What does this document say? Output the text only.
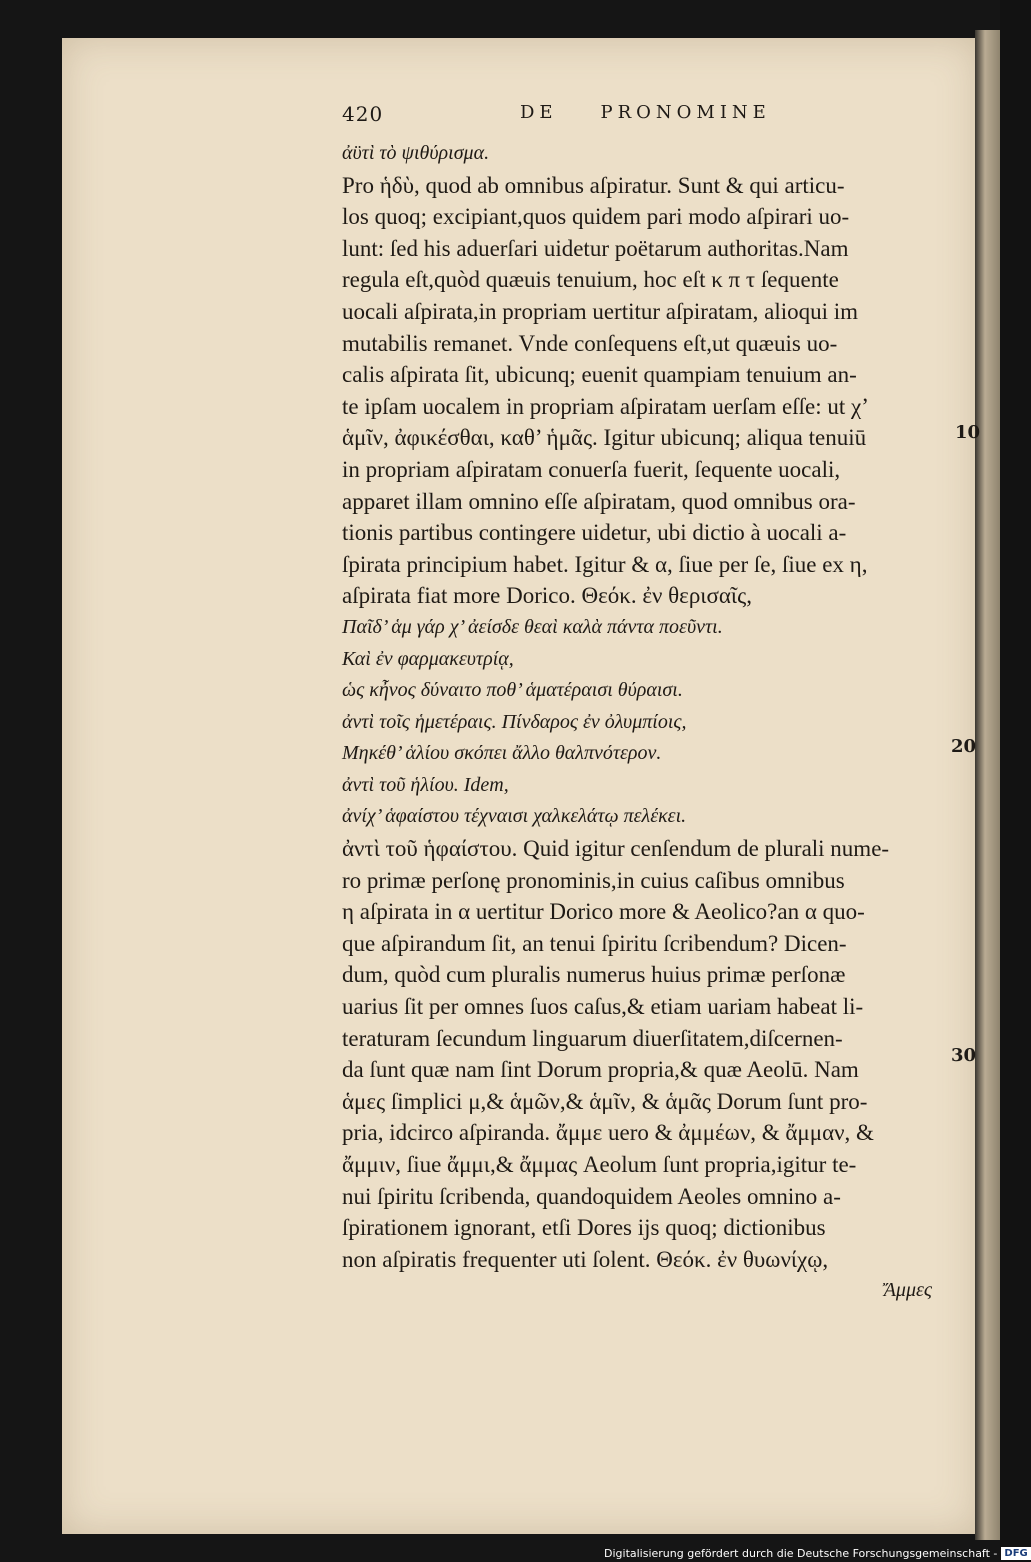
420	DE    PRONOMINE
ἀϋτὶ τὸ ψιθύρισμα.
Pro ἡδὺ, quod ab omnibus aſpiratur. Sunt & qui articu-
los quoq; excipiant,quos quidem pari modo aſpirari uo-
lunt: ſed his aduerſari uidetur poëtarum authoritas.Nam
regula eſt,quòd quæuis tenuium, hoc eſt κ π τ ſequente
uocali aſpirata,in propriam uertitur aſpiratam, alioqui im
mutabilis remanet. Vnde conſequens eſt,ut quæuis uo-
calis aſpirata ſit, ubicunq; euenit quampiam tenuium an-
te ipſam uocalem in propriam aſpiratam uerſam eſſe: ut χ’
ἁμῖν, ἀφικέσθαι, καθ’ ἡμᾶς. Igitur ubicunq; aliqua tenuiū
in propriam aſpiratam conuerſa fuerit, ſequente uocali,
apparet illam omnino eſſe aſpiratam, quod omnibus ora-
tionis partibus contingere uidetur, ubi dictio à uocali a-
ſpirata principium habet. Igitur & α, ſiue per ſe, ſiue ex η,
aſpirata fiat more Dorico. Θεόκ. ἐν θερισαῖς,
Παῖδ’ ἁμ γάρ χ’ ἀείσδε θεαὶ καλὰ πάντα ποεῦντι.
Καὶ ἐν φαρμακευτρίᾳ,
ὡς κἦνος δύναιτο ποθ’ ἁματέραισι θύραισι.
ἀντὶ τοῖς ἡμετέραις. Πίνδαρος ἐν ὀλυμπίοις,
Μηκέθ’ ἁλίου σκόπει ἄλλο θαλπνότερον.
ἀντὶ τοῦ ἡλίου. Idem,
ἀνίχ’ ἁφαίστου τέχναισι χαλκελάτῳ πελέκει.
ἀντὶ τοῦ ἡφαίστου. Quid igitur cenſendum de plurali nume-
ro primæ perſonę pronominis,in cuius caſibus omnibus
η aſpirata in α uertitur Dorico more & Aeolico?an α quo-
que aſpirandum ſit, an tenui ſpiritu ſcribendum? Dicen-
dum, quòd cum pluralis numerus huius primæ perſonæ
uarius ſit per omnes ſuos caſus,& etiam uariam habeat li-
teraturam ſecundum linguarum diuerſitatem,diſcernen-
da ſunt quæ nam ſint Dorum propria,& quæ Aeolū. Nam
ἁμες ſimplici μ,& ἁμῶν,& ἁμῖν, & ἁμᾶς Dorum ſunt pro-
pria, idcirco aſpiranda. ἄμμε uero & ἀμμέων, & ἄμμαν, &
ἄμμιν, ſiue ἄμμι,& ἄμμας Aeolum ſunt propria,igitur te-
nui ſpiritu ſcribenda, quandoquidem Aeoles omnino a-
ſpirationem ignorant, etſi Dores ijs quoq; dictionibus
non aſpiratis frequenter uti ſolent. Θεόκ. ἐν θυωνίχῳ,
Ἄμμες
10
20
30
Digitalisierung gefördert durch die Deutsche Forschungsgemeinschaft - DFG
